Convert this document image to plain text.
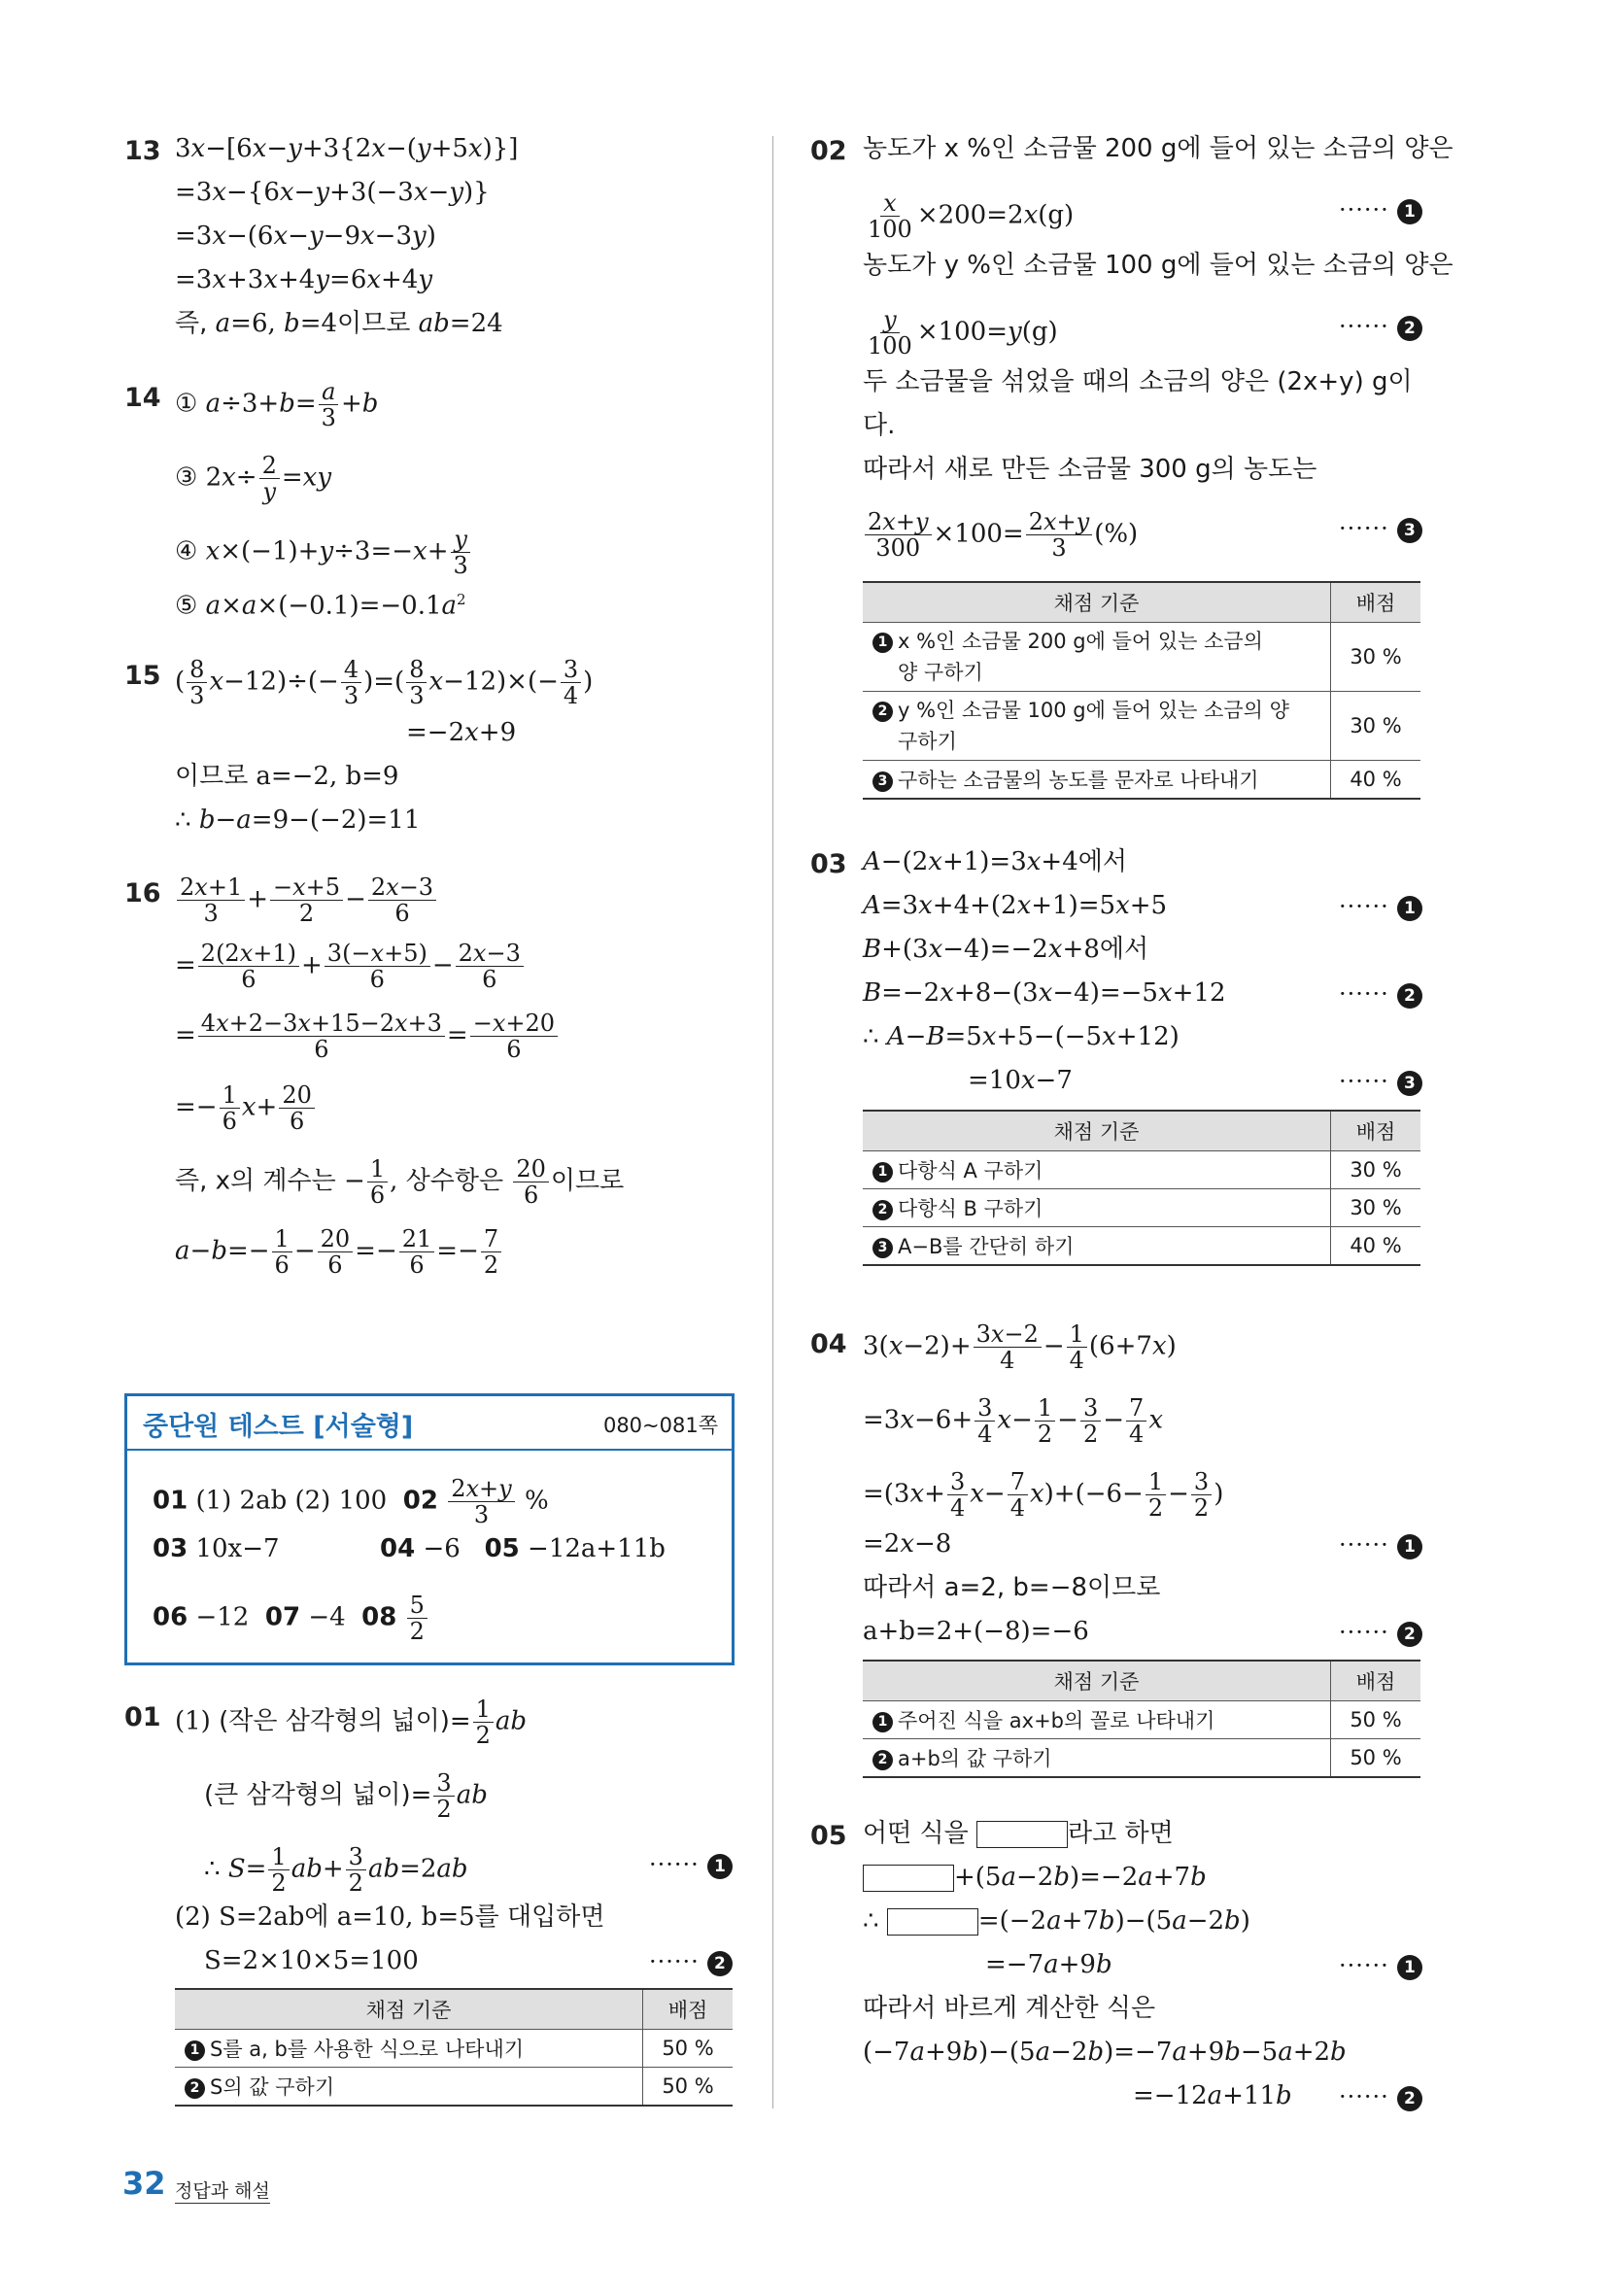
13 3x−[6x−y+3{2x−(y+5x)}]
=3x−{6x−y+3(−3x−y)}
=3x−(6x−y−9x−3y)
=3x+3x+4y=6x+4y
즉, a=6, b=4이므로 ab=24
14 ① $a\div 3+b= \frac{a}{3} +b$
③ $2x\div \frac{2}{y} =xy$
④ $x\times(-1)+y\div 3=-x+ \frac{y}{3}$
⑤ $a\times a\times(-0.1)=-0.1a^2$
15 ( $\frac{8}{3} x-12)\div(- \frac{4}{3}$ )=( $\frac{8}{3} x-12)\times(- \frac{3}{4}$ )
=−2x+9
이므로 a=−2, b=9
∴ b−a=9−(−2)=11
$16 \frac{2x+1}{3} + \frac{-x+5}{2} - \frac{2x-3}{6}$
= $\frac{2(2x+1)}{6} + \frac{3(-x+5)}{6} - \frac{2x-3}{6}$
= $\frac{4x+2-3x+15-2x+3}{6} = \frac{-x+20}{6}$
=− $\frac{1}{6} x+ \frac{20}{6}$
즉, x의 계수는 − $\frac{1}{6}$ , 상수항은 $\frac{20}{6}$ 이므로
$a-b=- \frac{1}{6} - \frac{20}{6} =- \frac{21}{6} =- \frac{7}{2}$
중단원 테스트 [서술형]	080~081쪽
01 (1) 2ab (2) 100 $02 \frac{2x+y}{3}$ %
03 10x−7	04 −6 05 −12a+11b
06 −12 07 −4 $08 \frac{5}{2}$
01 (1) (작은 삼각형의 넓이)= $\frac{1}{2}$ ab
(큰 삼각형의 넓이)= $\frac{3}{2}$ ab
∴ $S= \frac{1}{2} ab+ \frac{3}{2} ab=2ab$	······ 1
(2) S=2ab에 a=10, b=5를 대입하면
S=2×10×5=100	······ 2
채점 기준	배점
1 S를 a, b를 사용한 식으로 나타내기	50 %
2 S의 값 구하기	50 %
02 농도가 x %인 소금물 200 g에 들어 있는 소금의 양은
$\frac{x}{100} \times 200=2x(g)$	······ 1
농도가 y %인 소금물 100 g에 들어 있는 소금의 양은
$\frac{y}{100} \times 100=y(g)$	······ 2
두 소금물을 섞었을 때의 소금의 양은 (2x+y) g이
다.
따라서 새로 만든 소금물 300 g의 농도는
$\frac{2x+y}{300} \times 100= \frac{2x+y}{3}$ (%)	······ 3
채점 기준	배점
1 x %인 소금물 200 g에 들어 있는 소금의
양 구하기	30 %
2 y %인 소금물 100 g에 들어 있는 소금의 양
구하기	30 %
3 구하는 소금물의 농도를 문자로 나타내기	40 %
03 A−(2x+1)=3x+4에서
A=3x+4+(2x+1)=5x+5	······ 1
B+(3x−4)=−2x+8에서
B=−2x+8−(3x−4)=−5x+12	······ 2
∴ A−B=5x+5−(−5x+12)
=10x−7	······ 3
채점 기준	배점
1 다항식 A 구하기	30 %
2 다항식 B 구하기	30 %
3 A−B를 간단히 하기	40 %
04 $3(x-2)+ \frac{3x-2}{4} - \frac{1}{4} (6+7x)$
$=3x-6+ \frac{3}{4} x- \frac{1}{2} - \frac{3}{2} - \frac{7}{4}$ x
$=(3x+ \frac{3}{4} x- \frac{7}{4} x)+(-6- \frac{1}{2} - \frac{3}{2}$ )
=2x−8	······ 1
따라서 a=2, b=−8이므로
a+b=2+(−8)=−6	······ 2
채점 기준	배점
1 주어진 식을 ax+b의 꼴로 나타내기	50 %
2 a+b의 값 구하기	50 %
05 어떤 식을	라고 하면
+(5a−2b)=−2a+7b
∴	=(−2a+7b)−(5a−2b)
=−7a+9b	······ 1
따라서 바르게 계산한 식은
(−7a+9b)−(5a−2b)=−7a+9b−5a+2b
=−12a+11b ······ 2
32 정답과 해설
